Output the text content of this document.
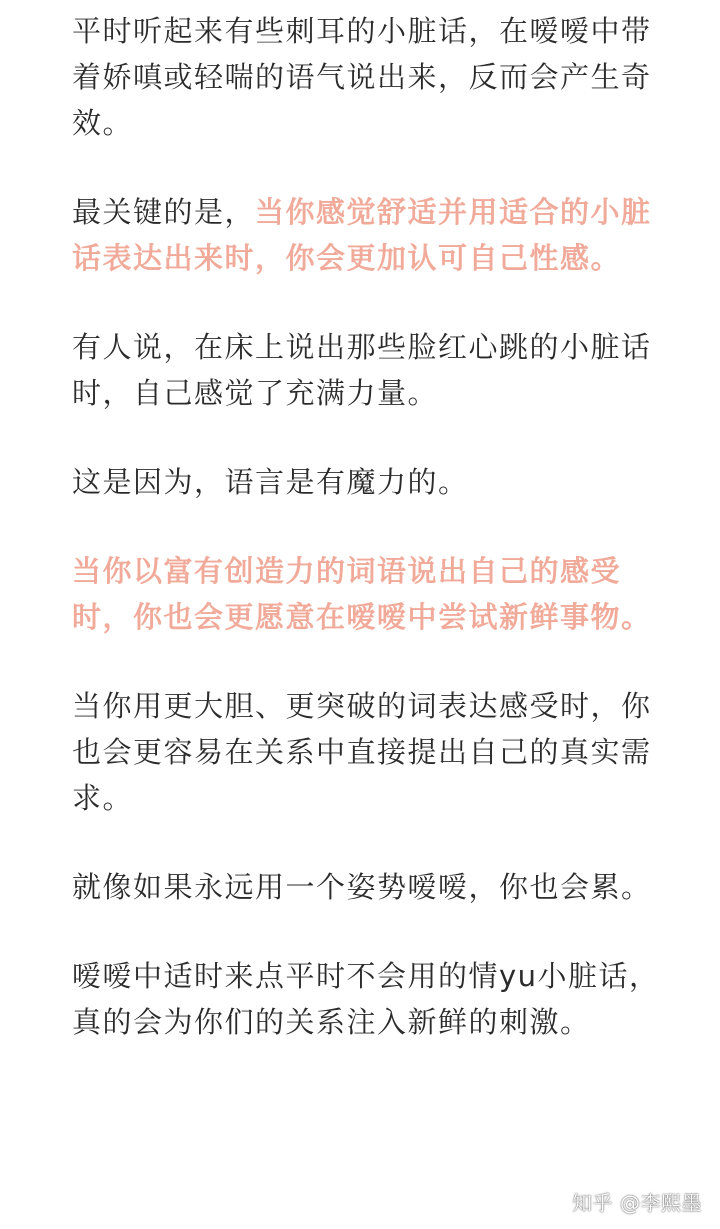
平时听起来有些刺耳的小脏话，在嗳嗳中带着娇嗔或轻喘的语气说出来，反而会产生奇效。

最关键的是，当你感觉舒适并用适合的小脏话表达出来时，你会更加认可自己性感。

有人说，在床上说出那些脸红心跳的小脏话时，自己感觉了充满力量。

这是因为，语言是有魔力的。

当你以富有创造力的词语说出自己的感受时，你也会更愿意在嗳嗳中尝试新鲜事物。

当你用更大胆、更突破的词表达感受时，你也会更容易在关系中直接提出自己的真实需求。

就像如果永远用一个姿势嗳嗳，你也会累。

嗳嗳中适时来点平时不会用的情yu小脏话，真的会为你们的关系注入新鲜的刺激。

知乎 @李熙墨
